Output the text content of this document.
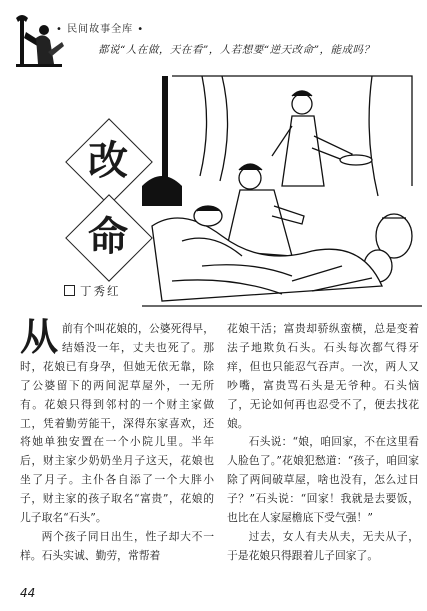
• 民间故事全库 •
都说“人在做，天在看”，人若想要“逆天改命”，能成吗？
改
命
丁秀红

从前有个叫花娘的，公婆死得早，结婚没一年，丈夫也死了。那时，花娘已有身孕，但她无依无靠，除了公婆留下的两间泥草屋外，一无所有。花娘只得到邻村的一个财主家做工，凭着勤劳能干，深得东家喜欢，还将她单独安置在一个小院儿里。半年后，财主家少奶奶坐月子这天，花娘也坐了月子。主仆各自添了一个大胖小子，财主家的孩子取名“富贵”，花娘的儿子取名“石头”。

两个孩子同日出生，性子却大不一样。石头实诚、勤劳，常帮着

花娘干活；富贵却骄纵蛮横，总是变着法子地欺负石头。石头每次都气得牙痒，但也只能忍气吞声。一次，两人又吵嘴，富贵骂石头是无爷种。石头恼了，无论如何再也忍受不了，便去找花娘。

石头说：“娘，咱回家，不在这里看人脸色了。”花娘犯愁道：“孩子，咱回家除了两间破草屋，啥也没有，怎么过日子？”石头说：“回家！我就是去要饭，也比在人家屋檐底下受气强！”

过去，女人有夫从夫，无夫从子，于是花娘只得跟着儿子回家了。

44
